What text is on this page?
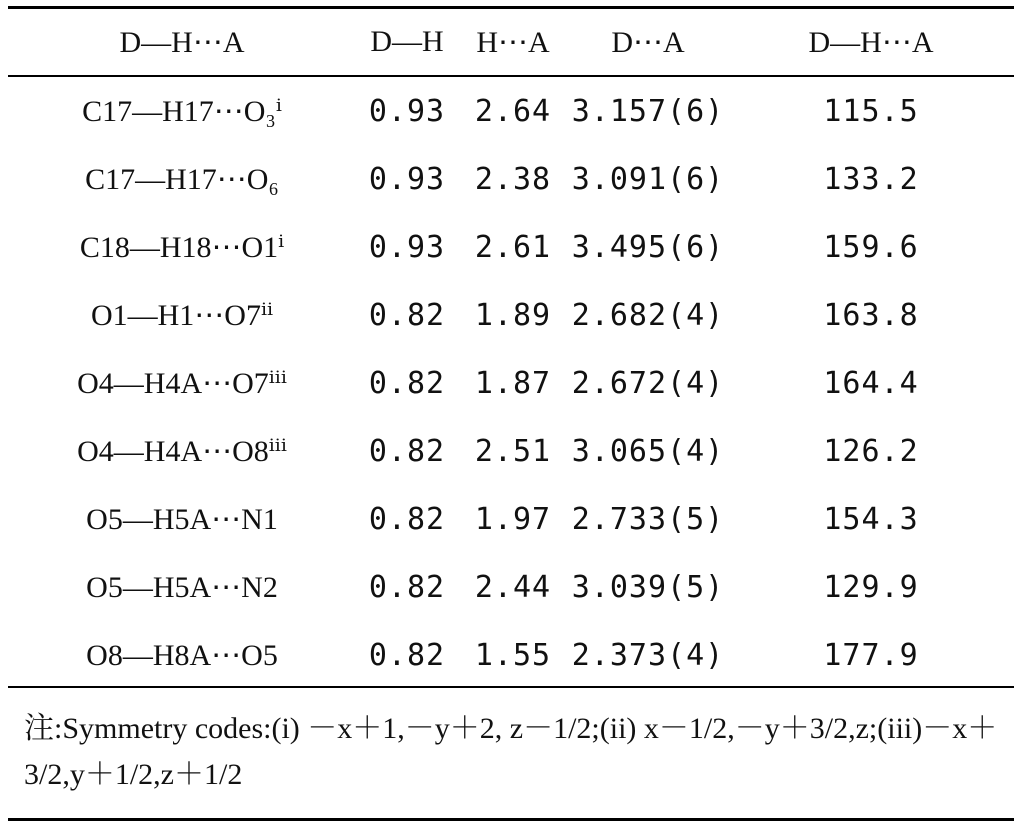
D—H⋯A	D—H	H⋯A	D⋯A	D—H⋯A

C17—H17⋯O₃ⁱ	0.93	2.64	3.157(6)	115.5
C17—H17⋯O₆	0.93	2.38	3.091(6)	133.2
C18—H18⋯O1ⁱ	0.93	2.61	3.495(6)	159.6
O1—H1⋯O7ⁱⁱ	0.82	1.89	2.682(4)	163.8
O4—H4A⋯O7ⁱⁱⁱ	0.82	1.87	2.672(4)	164.4
O4—H4A⋯O8ⁱⁱⁱ	0.82	2.51	3.065(4)	126.2
O5—H5A⋯N1	0.82	1.97	2.733(5)	154.3
O5—H5A⋯N2	0.82	2.44	3.039(5)	129.9
O8—H8A⋯O5	0.82	1.55	2.373(4)	177.9
注:Symmetry codes:(i) －x＋1,－y＋2, z－1/2;(ii) x－1/2,－y＋3/2,z;(iii)－x＋3/2,y＋1/2,z＋1/2
